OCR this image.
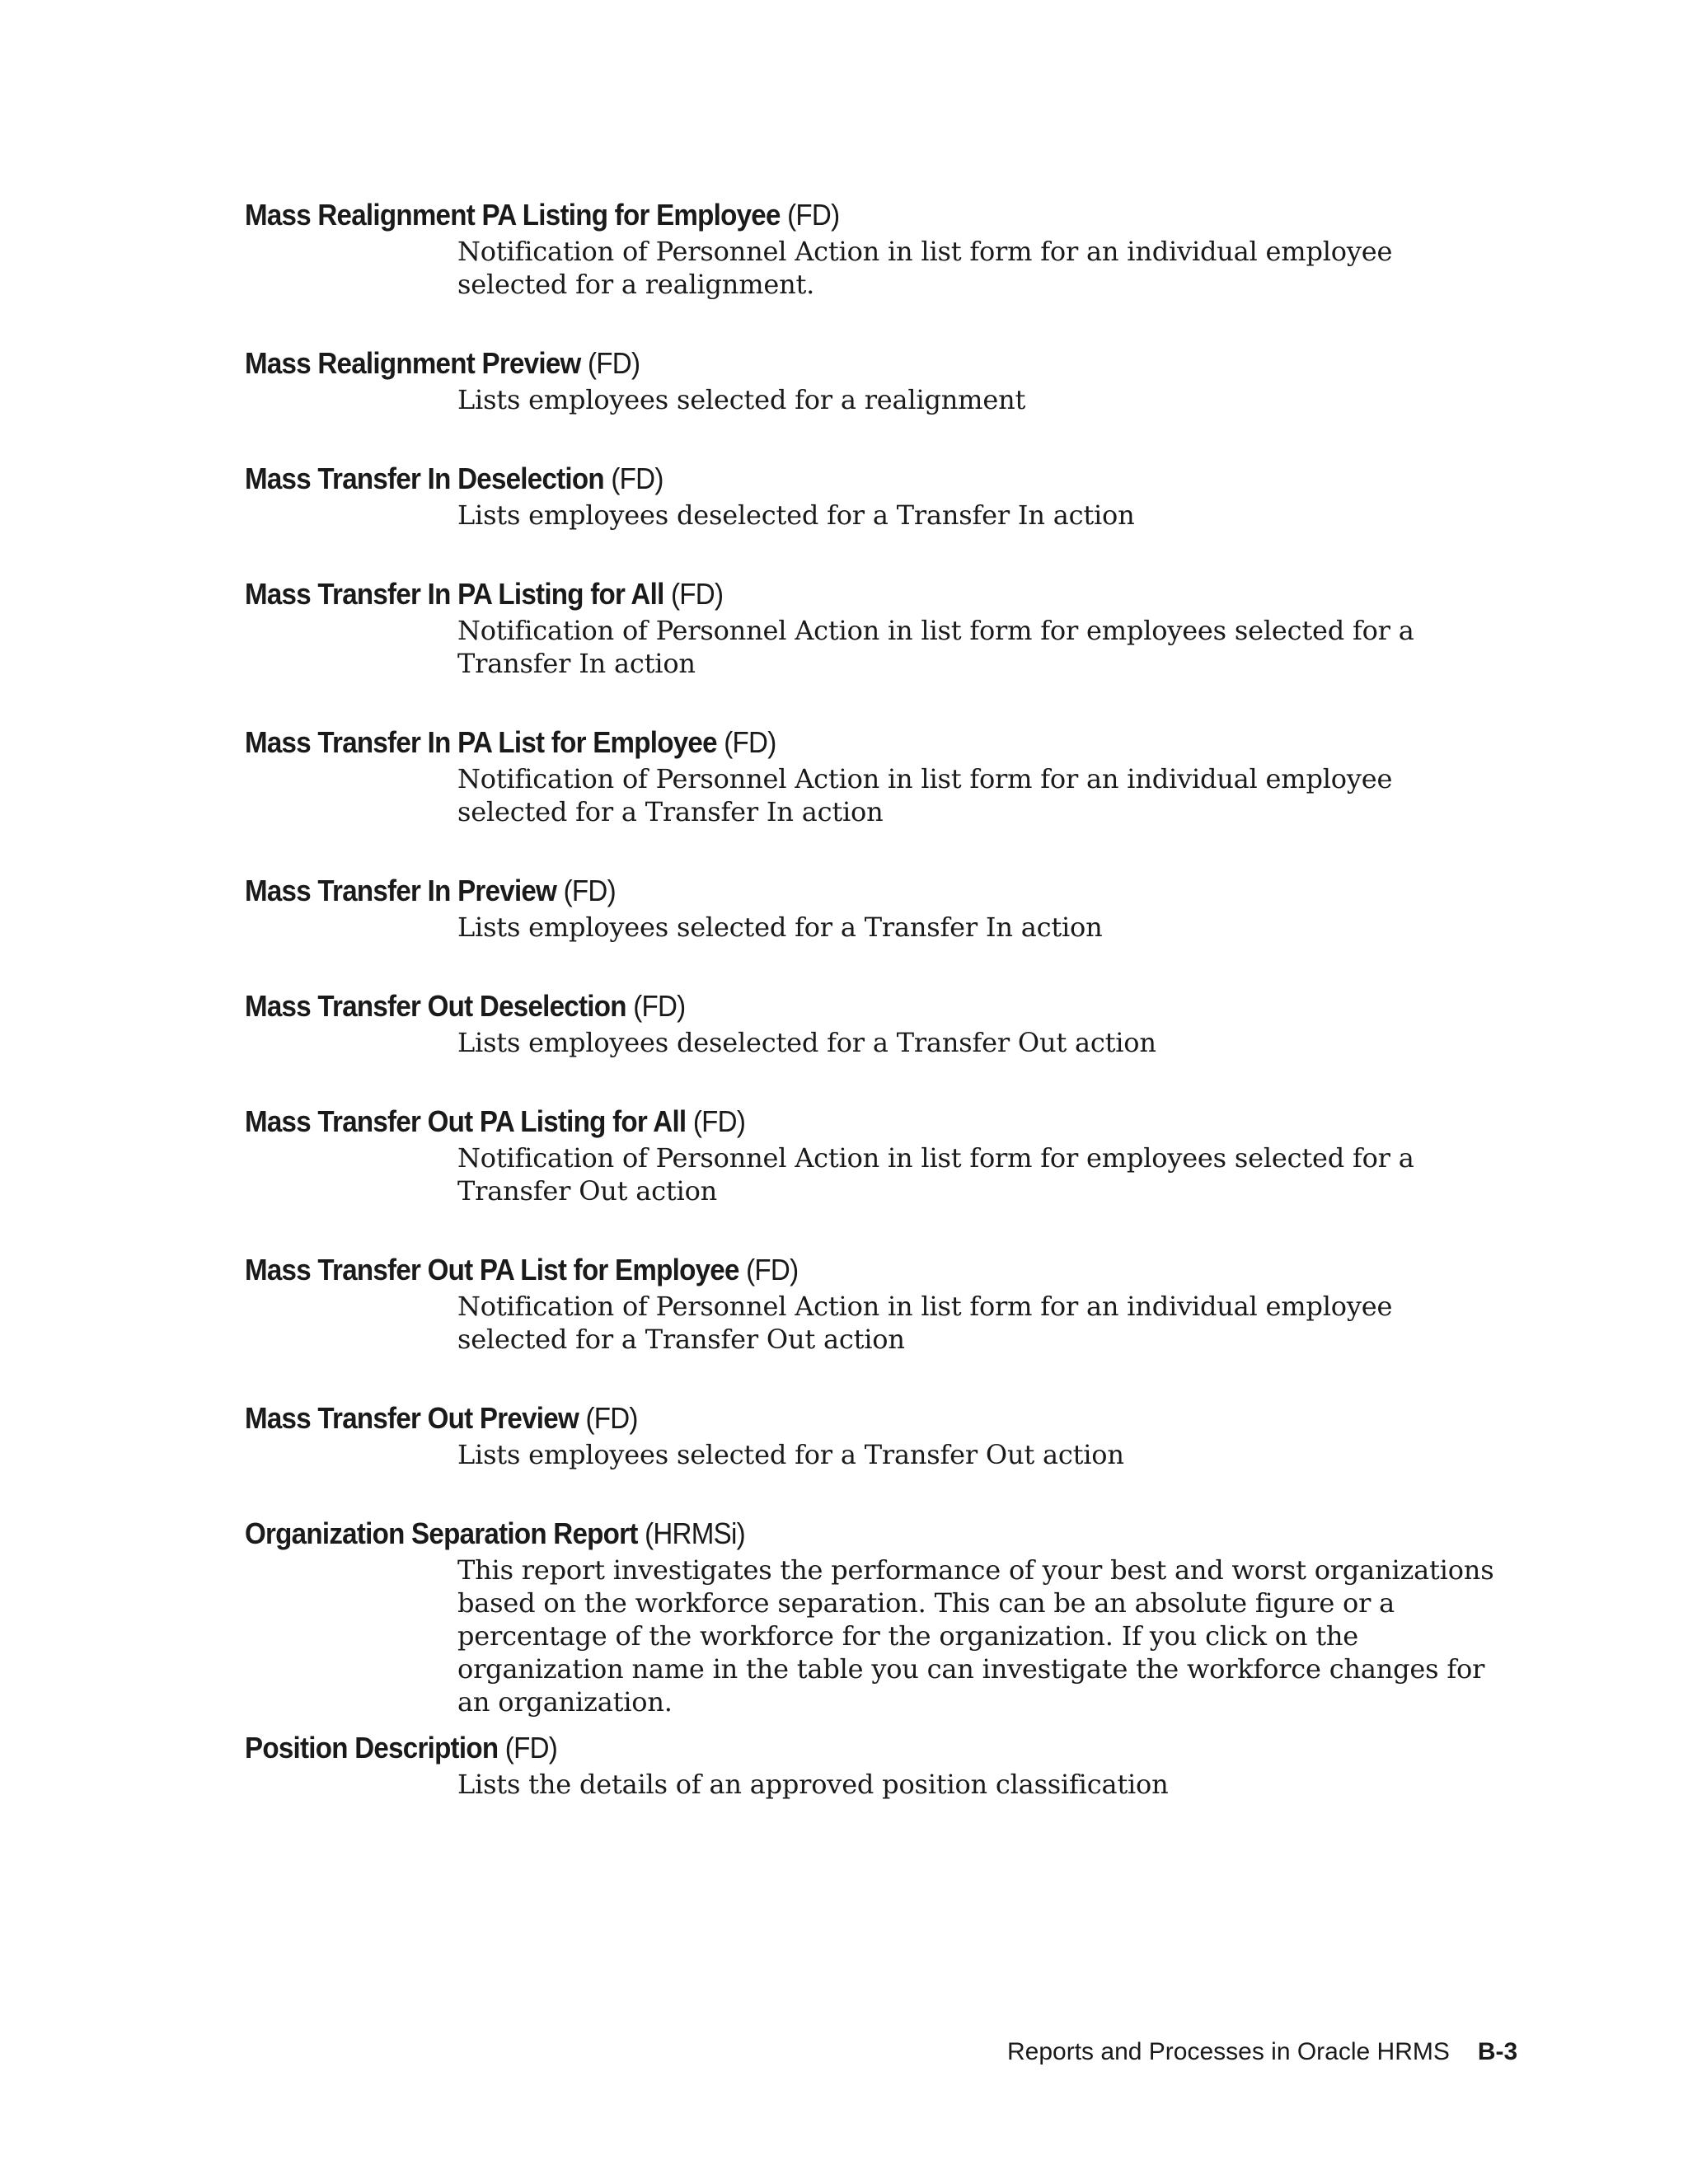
Mass Realignment PA Listing for Employee (FD)
Notification of Personnel Action in list form for an individual employee selected for a realignment.
Mass Realignment Preview (FD)
Lists employees selected for a realignment
Mass Transfer In Deselection (FD)
Lists employees deselected for a Transfer In action
Mass Transfer In PA Listing for All (FD)
Notification of Personnel Action in list form for employees selected for a Transfer In action
Mass Transfer In PA List for Employee (FD)
Notification of Personnel Action in list form for an individual employee selected for a Transfer In action
Mass Transfer In Preview (FD)
Lists employees selected for a Transfer In action
Mass Transfer Out Deselection (FD)
Lists employees deselected for a Transfer Out action
Mass Transfer Out PA Listing for All (FD)
Notification of Personnel Action in list form for employees selected for a Transfer Out action
Mass Transfer Out PA List for Employee (FD)
Notification of Personnel Action in list form for an individual employee selected for a Transfer Out action
Mass Transfer Out Preview (FD)
Lists employees selected for a Transfer Out action
Organization Separation Report (HRMSi)
This report investigates the performance of your best and worst organizations based on the workforce separation. This can be an absolute figure or a percentage of the workforce for the organization. If you click on the organization name in the table you can investigate the workforce changes for an organization.
Position Description (FD)
Lists the details of an approved position classification
Reports and Processes in Oracle HRMS B-3
